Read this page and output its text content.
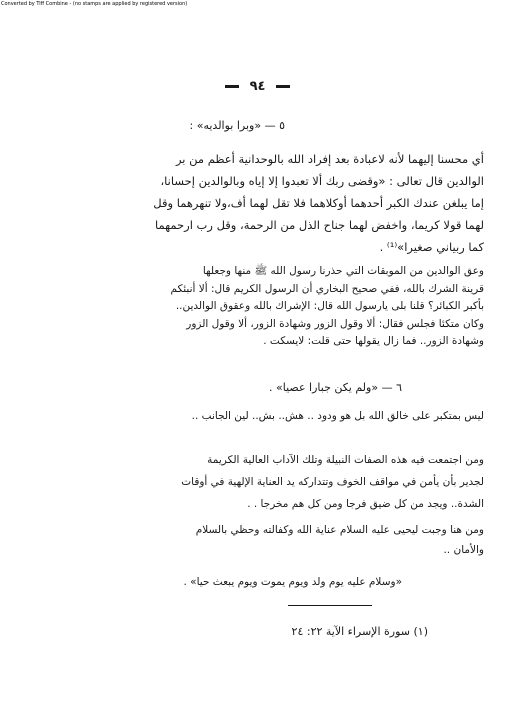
Converted by Tiff Combine - (no stamps are applied by registered version)
٩٤
٥ — «وبرا بوالديه» :
أي محسنا إليهما لأنه لاعبادة بعد إفراد الله بالوحدانية أعظم من بر
الوالدين قال تعالى : «وقضى ربك ألا تعبدوا إلا إياه وبالوالدين إحسانا،
إما يبلغن عندك الكبر أحدهما أوكلاهما فلا تقل لهما أف،ولا تنهرهما وقل
لهما قولا كريما، واخفض لهما جناح الذل من الرحمة، وقل رب ارحمهما
كما ربياني صغيرا»⁽¹⁾ .
وعق الوالدين من الموبقات التي حذرنا رسول الله ﷺ منها وجعلها
قرينة الشرك بالله، ففي صحيح البخاري أن الرسول الكريم قال: ألا أنبئكم
بأكبر الكبائر؟ قلنا بلى يارسول الله قال: الإشراك بالله وعقوق الوالدين..
وكان متكئا فجلس فقال: ألا وقول الزور وشهادة الزور، ألا وقول الزور
وشهادة الزور.. فما زال يقولها حتى قلت: لايسكت .
٦ — «ولم يكن جبارا عصيا» .
ليس بمتكبر على خالق الله بل هو ودود .. هش.. بش.. لين الجانب ..
ومن اجتمعت فيه هذه الصفات النبيلة وتلك الآداب العالية الكريمة
لجدير بأن يأمن في مواقف الخوف وتتداركه يد العناية الإلهية في أوقات
الشدة.. ويجد من كل ضيق فرجا ومن كل هم مخرجا . .
ومن هنا وجبت ليحيى عليه السلام عناية الله وكفالته وحظي بالسلام
والأمان ..
«وسلام عليه يوم ولد ويوم يموت ويوم يبعث حيا» .
(١) سورة الإسراء الآية ٢٢: ٢٤
